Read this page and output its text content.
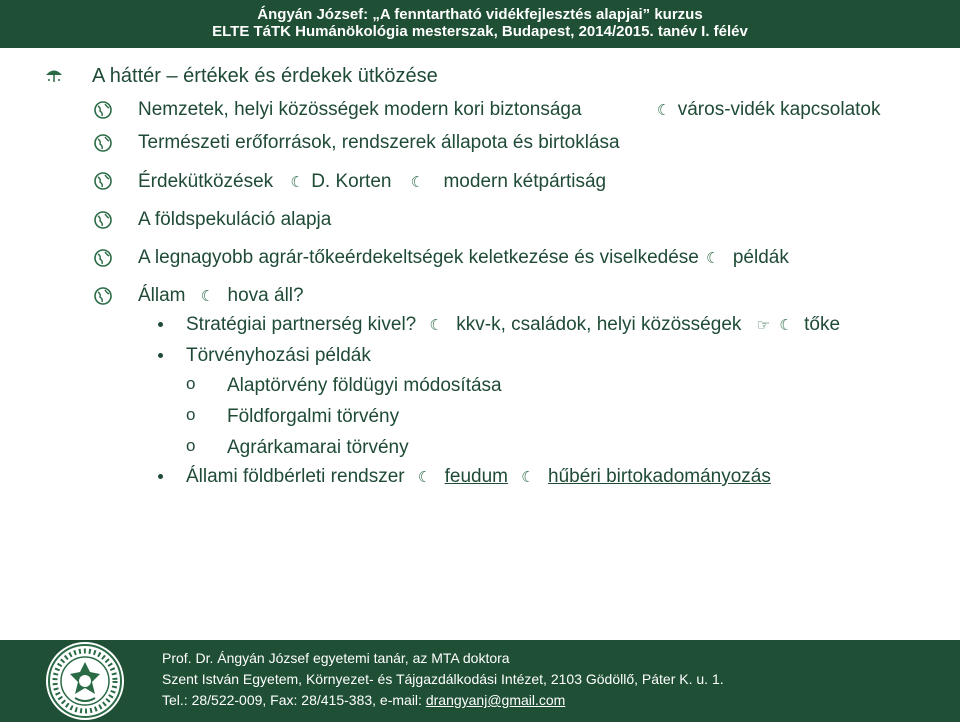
Ángyán József: „A fenntartható vidékfejlesztés alapjai” kurzus
ELTE TáTK Humánökológia mesterszak, Budapest, 2014/2015. tanév I. félév
A háttér – értékek és érdekek ütközése
Nemzetek, helyi közösségek modern kori biztonsága	☾ város-vidék kapcsolatok
Természeti erőforrások, rendszerek állapota és birtoklása
Érdekütközések ☾ D. Korten ☾ modern kétpártiság
A földspekuláció alapja
A legnagyobb agrár-tőkeérdekeltségek keletkezése és viselkedése ☾ példák
Állam ☾ hova áll?
Stratégiai partnerség kivel? ☾ kkv-k, családok, helyi közösségek ☞ ☾ tőke
Törvényhozási példák
o Alaptörvény földügyi módosítása
o Földforgalmi törvény
o Agrárkamarai törvény
Állami földbérleti rendszer ☾ feudum ☾ hűbéri birtokadományozás
Prof. Dr. Ángyán József egyetemi tanár, az MTA doktora
Szent István Egyetem, Környezet- és Tájgazdálkodási Intézet, 2103 Gödöllő, Páter K. u. 1.
Tel.: 28/522-009, Fax: 28/415-383, e-mail: drangyanj@gmail.com
